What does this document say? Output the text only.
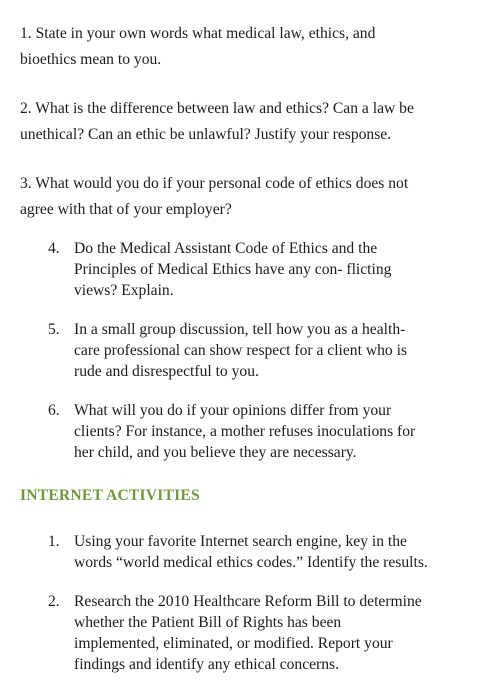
1. State in your own words what medical law, ethics, and
bioethics mean to you.

2. What is the difference between law and ethics? Can a law be
unethical? Can an ethic be unlawful? Justify your response.

3. What would you do if your personal code of ethics does not
agree with that of your employer?

4. Do the Medical Assistant Code of Ethics and the
Principles of Medical Ethics have any con- flicting
views? Explain.
5. In a small group discussion, tell how you as a health-
care professional can show respect for a client who is
rude and disrespectful to you.
6. What will you do if your opinions differ from your
clients? For instance, a mother refuses inoculations for
her child, and you believe they are necessary.
INTERNET ACTIVITIES
1. Using your favorite Internet search engine, key in the
words “world medical ethics codes.” Identify the results.
2. Research the 2010 Healthcare Reform Bill to determine
whether the Patient Bill of Rights has been
implemented, eliminated, or modified. Report your
findings and identify any ethical concerns.
